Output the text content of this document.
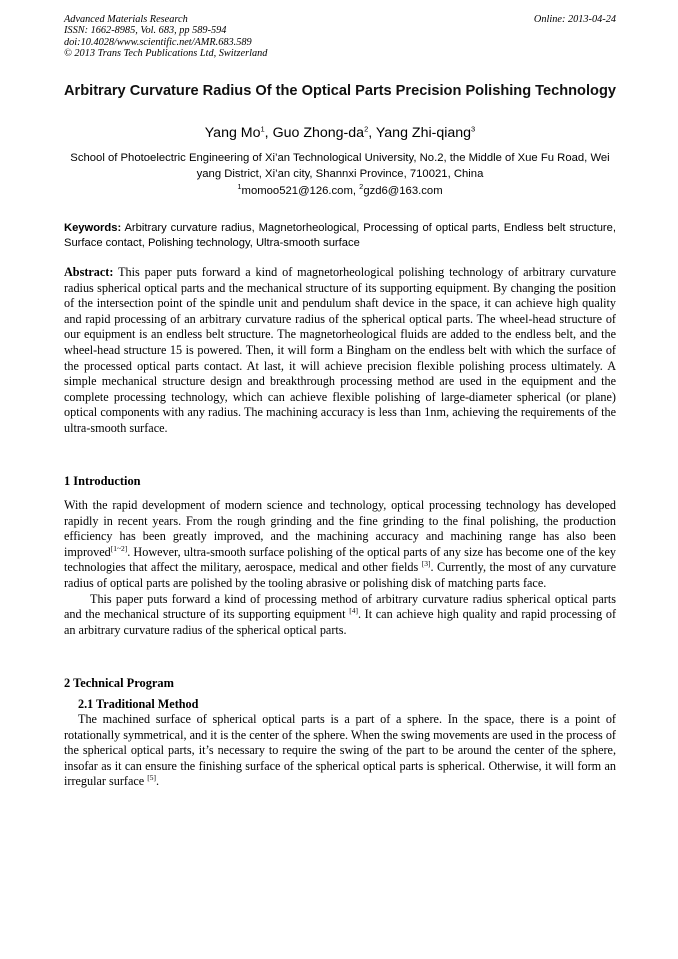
Advanced Materials Research
ISSN: 1662-8985, Vol. 683, pp 589-594
doi:10.4028/www.scientific.net/AMR.683.589
© 2013 Trans Tech Publications Ltd, Switzerland
Online: 2013-04-24
Arbitrary Curvature Radius Of the Optical Parts Precision Polishing Technology
Yang Mo$^1$, Guo Zhong-$da^2$, Yang Zhi-qiang$^3$
School of Photoelectric Engineering of Xi’an Technological University, No.2, the Middle of Xue Fu Road, Wei yang District, Xi’an city, Shannxi Province, 710021, China
$^1$momoo521@126.com, $^2$gzd6@163.com
Keywords: Arbitrary curvature radius, Magnetorheological, Processing of optical parts, Endless belt structure, Surface contact, Polishing technology, Ultra-smooth surface
Abstract: This paper puts forward a kind of magnetorheological polishing technology of arbitrary curvature radius spherical optical parts and the mechanical structure of its supporting equipment. By changing the position of the intersection point of the spindle unit and pendulum shaft device in the space, it can achieve high quality and rapid processing of an arbitrary curvature radius of the spherical optical parts. The wheel-head structure of our equipment is an endless belt structure. The magnetorheological fluids are added to the endless belt, and the wheel-head structure 15 is powered. Then, it will form a Bingham on the endless belt with which the surface of the processed optical parts contact. At last, it will achieve precision flexible polishing process ultimately. A simple mechanical structure design and breakthrough processing method are used in the equipment and the complete processing technology, which can achieve flexible polishing of large-diameter spherical (or plane) optical components with any radius. The machining accuracy is less than 1nm, achieving the requirements of the ultra-smooth surface.
1 Introduction

With the rapid development of modern science and technology, optical processing technology has developed rapidly in recent years. From the rough grinding and the fine grinding to the final polishing, the production efficiency has been greatly improved, and the machining accuracy and machining range has also been improved[1~2]. However, ultra-smooth surface polishing of the optical parts of any size has become one of the key technologies that affect the military, aerospace, medical and other fields [3]. Currently, the most of any curvature radius of optical parts are polished by the tooling abrasive or polishing disk of matching parts face.

This paper puts forward a kind of processing method of arbitrary curvature radius spherical optical parts and the mechanical structure of its supporting equipment [4]. It can achieve high quality and rapid processing of an arbitrary curvature radius of the spherical optical parts.

2 Technical Program
2.1 Traditional Method

The machined surface of spherical optical parts is a part of a sphere. In the space, there is a point of rotationally symmetrical, and it is the center of the sphere. When the swing movements are used in the process of the spherical optical parts, it’s necessary to require the swing of the part to be around the center of the sphere, insofar as it can ensure the finishing surface of the spherical optical parts is spherical. Otherwise, it will form an irregular surface [5].
